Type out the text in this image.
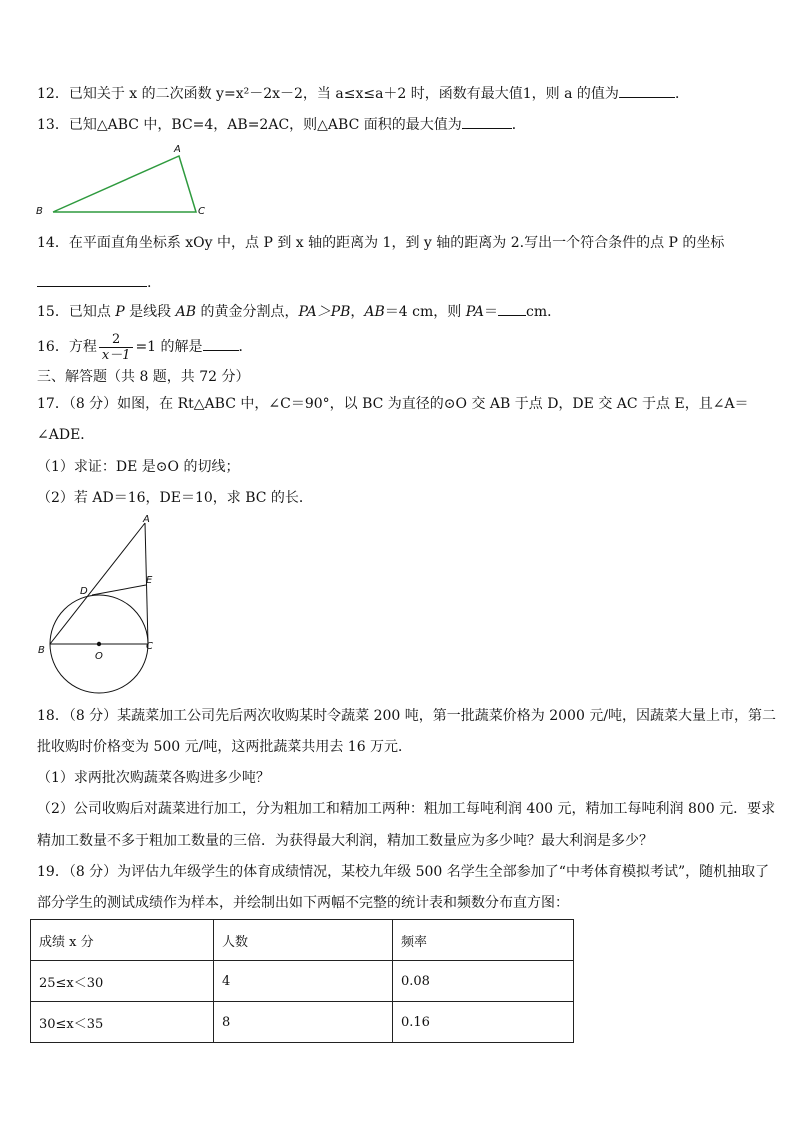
12．已知关于 x 的二次函数 y=x²－2x－2，当 a≤x≤a＋2 时，函数有最大值1，则 a 的值为	．
13．已知△ABC 中，BC=4，AB=2AC，则△ABC 面积的最大值为	．
A
B	C
14．在平面直角坐标系 xOy 中，点 P 到 x 轴的距离为 1，到 y 轴的距离为 2.写出一个符合条件的点 P 的坐标
.
15．已知点 P 是线段 AB 的黄金分割点，PA＞PB，AB＝4 cm，则 PA＝ cm．
16．方程 $\frac{2}{x-1} =1$ 的解是	．
三、解答题（共 8 题，共 72 分）
17．（8 分）如图，在 Rt△ABC 中，∠C＝90°，以 BC 为直径的⊙O 交 AB 于点 D，DE 交 AC 于点 E，且∠A＝
∠ADE．
（1）求证：DE 是⊙O 的切线；
（2）若 AD＝16，DE＝10，求 BC 的长．
A
B	C
D
E
O
18．（8 分）某蔬菜加工公司先后两次收购某时令蔬菜 200 吨，第一批蔬菜价格为 2000 元/吨，因蔬菜大量上市，第二
批收购时价格变为 500 元/吨，这两批蔬菜共用去 16 万元．
（1）求两批次购蔬菜各购进多少吨？
（2）公司收购后对蔬菜进行加工，分为粗加工和精加工两种：粗加工每吨利润 400 元，精加工每吨利润 800 元．要求
精加工数量不多于粗加工数量的三倍．为获得最大利润，精加工数量应为多少吨？最大利润是多少？
19．（8 分）为评估九年级学生的体育成绩情况，某校九年级 500 名学生全部参加了“中考体育模拟考试”，随机抽取了
部分学生的测试成绩作为样本，并绘制出如下两幅不完整的统计表和频数分布直方图：
成绩 x 分	人数	频率
25≤x＜30	4	0.08
30≤x＜35	8	0.16
